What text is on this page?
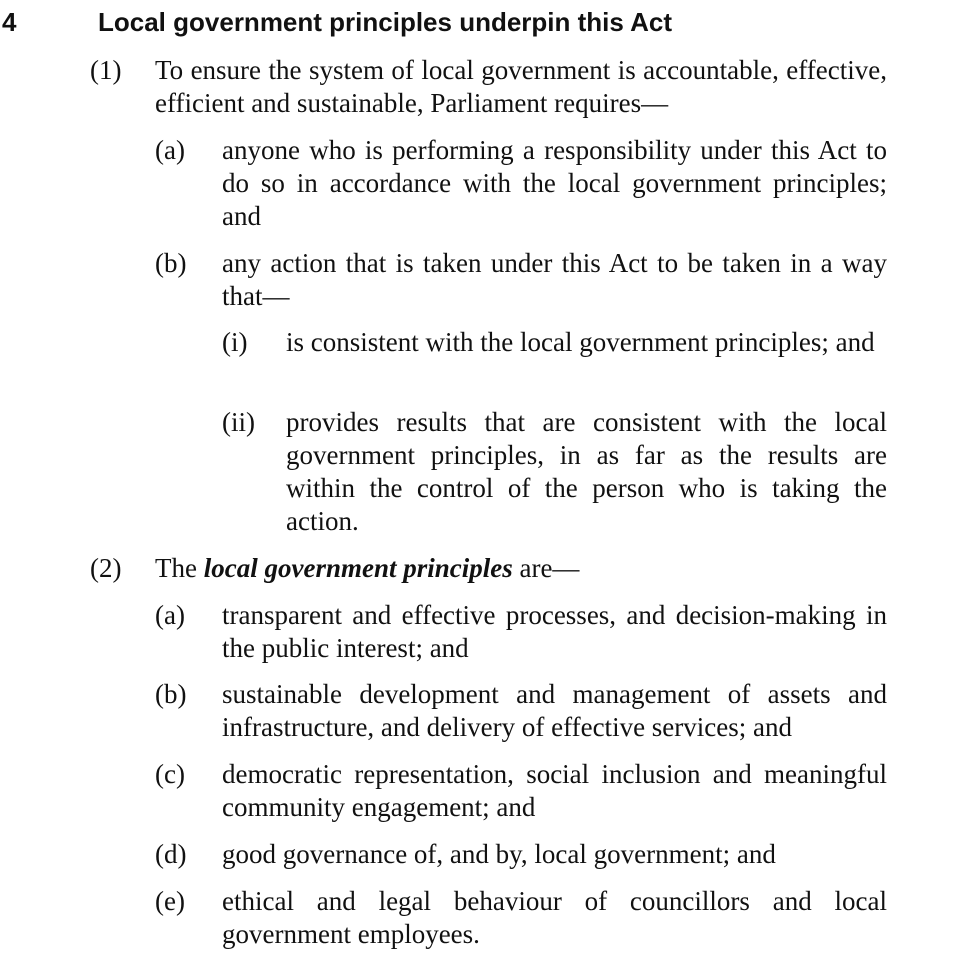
4	Local government principles underpin this Act
(1) To ensure the system of local government is accountable, effective, efficient and sustainable, Parliament requires—
(a) anyone who is performing a responsibility under this Act to do so in accordance with the local government principles; and
(b) any action that is taken under this Act to be taken in a way that—
(i) is consistent with the local government principles; and
(ii) provides results that are consistent with the local government principles, in as far as the results are within the control of the person who is taking the action.
(2) The local government principles are—
(a) transparent and effective processes, and decision-making in the public interest; and
(b) sustainable development and management of assets and infrastructure, and delivery of effective services; and
(c) democratic representation, social inclusion and meaningful community engagement; and
(d) good governance of, and by, local government; and
(e) ethical and legal behaviour of councillors and local government employees.
